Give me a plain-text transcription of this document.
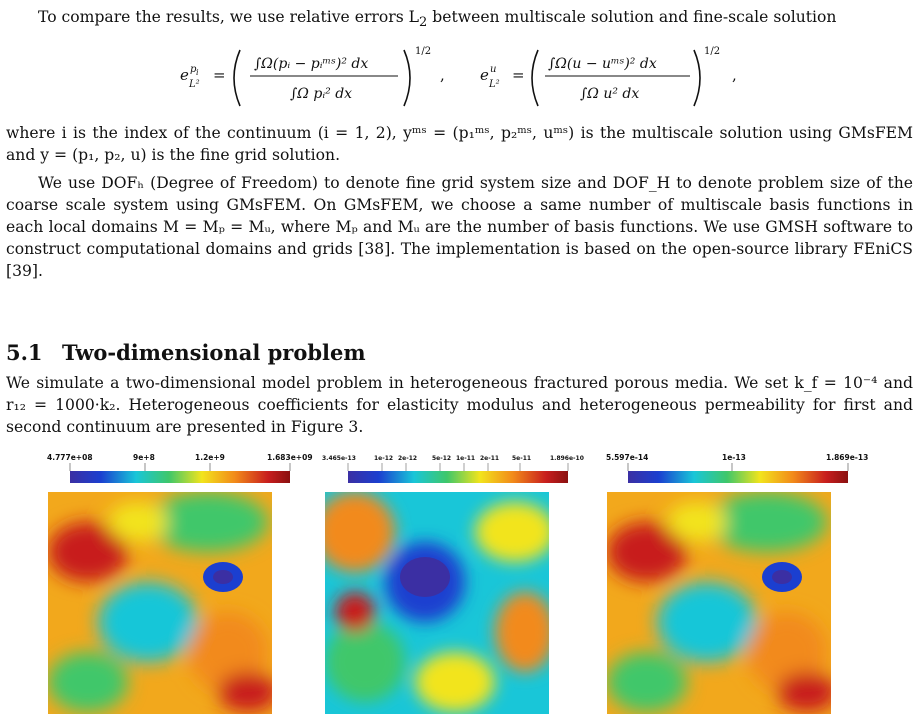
To compare the results, we use relative errors $L_2$ between multiscale solution and fine-scale solution

e p i
L²
=
∫Ω(pᵢ − pᵢᵐˢ)² dx
∫Ω pᵢ² dx
1/2
, e u
L²
=
∫Ω(u − uᵐˢ)² dx
∫Ω u² dx
1/2
,

where i is the index of the continuum (i = 1, 2), yᵐˢ = (p₁ᵐˢ, p₂ᵐˢ, uᵐˢ) is the multiscale solution using GMsFEM and y = (p₁, p₂, u) is the fine grid solution.

We use DOFₕ (Degree of Freedom) to denote fine grid system size and DOF_H to denote problem size of the coarse scale system using GMsFEM. On GMsFEM, we choose a same number of multiscale basis functions in each local domains M = Mₚ = Mᵤ, where Mₚ and Mᵤ are the number of basis functions. We use GMSH software to construct computational domains and grids [38]. The implementation is based on the open-source library FEniCS [39].

5.1 Two-dimensional problem

We simulate a two-dimensional model problem in heterogeneous fractured porous media. We set k_f = 10⁻⁴ and r₁₂ = 1000·k₂. Heterogeneous coefficients for elasticity modulus and heterogeneous permeability for first and second continuum are presented in Figure 3.

4.777e+08	9e+8	1.2e+9	1.683e+09 3.465e-13	1e-12 2e-12 5e-12 1e-11 2e-11 5e-11	1.896e-10	5.597e-14	1e-13	1.869e-13
